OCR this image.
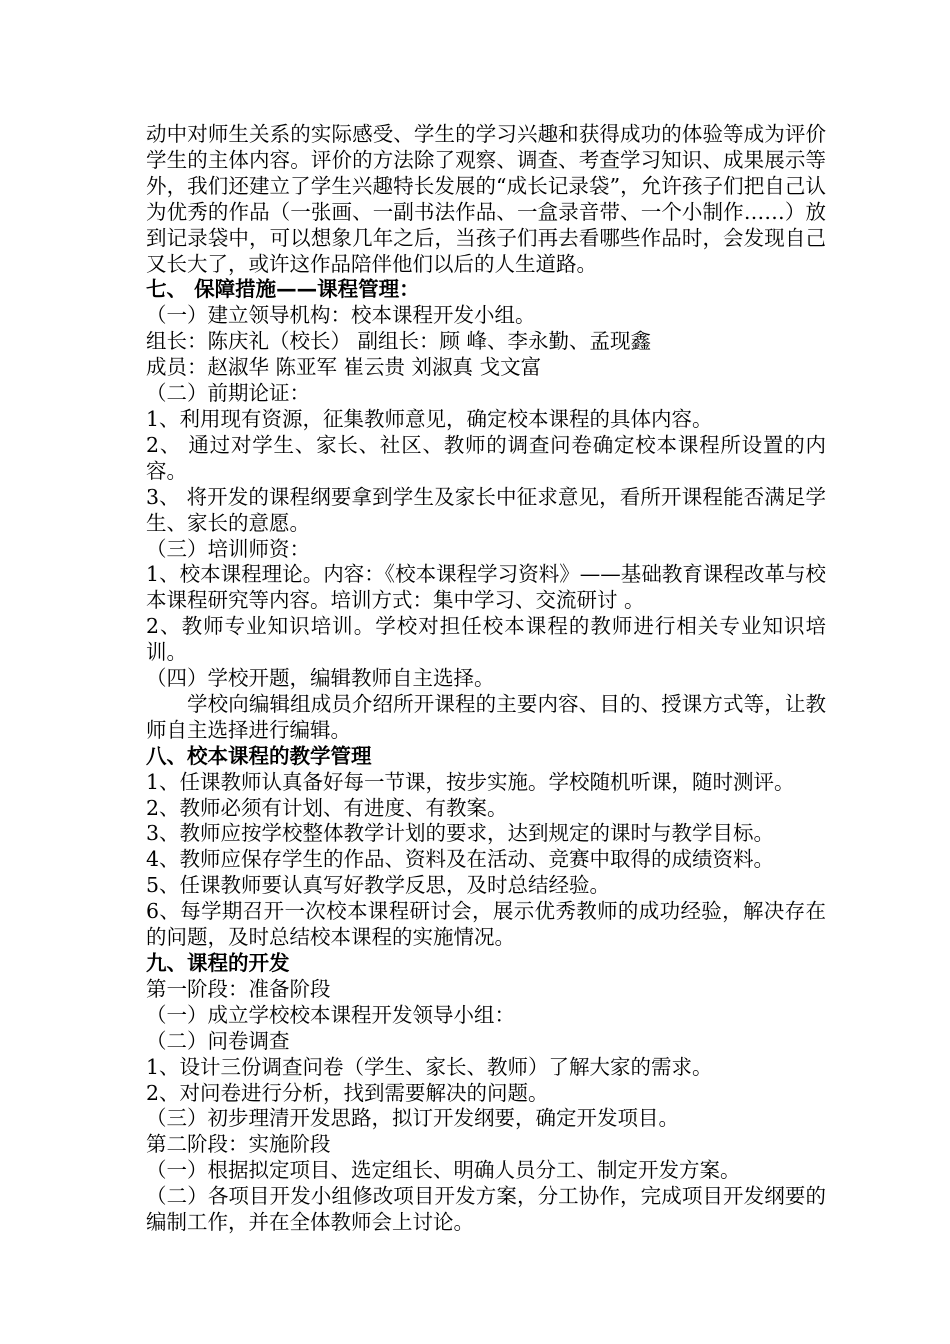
动中对师生关系的实际感受、学生的学习兴趣和获得成功的体验等成为评价学生的主体内容。评价的方法除了观察、调查、考查学习知识、成果展示等外，我们还建立了学生兴趣特长发展的“成长记录袋”，允许孩子们把自己认为优秀的作品（一张画、一副书法作品、一盒录音带、一个小制作……）放到记录袋中，可以想象几年之后，当孩子们再去看哪些作品时，会发现自己又长大了，或许这作品陪伴他们以后的人生道路。

七、 保障措施——课程管理：

（一）建立领导机构：校本课程开发小组。

组长：陈庆礼（校长） 副组长：顾 峰、李永勤、孟现鑫

成员：赵淑华 陈亚军 崔云贵 刘淑真 戈文富

（二）前期论证：

1、利用现有资源，征集教师意见，确定校本课程的具体内容。

2、 通过对学生、家长、社区、教师的调查问卷确定校本课程所设置的内容。

3、 将开发的课程纲要拿到学生及家长中征求意见，看所开课程能否满足学生、家长的意愿。

（三）培训师资：

1、校本课程理论。内容：《校本课程学习资料》——基础教育课程改革与校本课程研究等内容。培训方式：集中学习、交流研讨 。

2、教师专业知识培训。学校对担任校本课程的教师进行相关专业知识培训。

（四）学校开题，编辑教师自主选择。

学校向编辑组成员介绍所开课程的主要内容、目的、授课方式等，让教师自主选择进行编辑。

八、校本课程的教学管理

1、任课教师认真备好每一节课，按步实施。学校随机听课，随时测评。

2、教师必须有计划、有进度、有教案。

3、教师应按学校整体教学计划的要求，达到规定的课时与教学目标。

4、教师应保存学生的作品、资料及在活动、竞赛中取得的成绩资料。

5、任课教师要认真写好教学反思，及时总结经验。

6、每学期召开一次校本课程研讨会，展示优秀教师的成功经验，解决存在的问题，及时总结校本课程的实施情况。

九、课程的开发

第一阶段：准备阶段

（一）成立学校校本课程开发领导小组：

（二）问卷调查

1、设计三份调查问卷（学生、家长、教师）了解大家的需求。

2、对问卷进行分析，找到需要解决的问题。

（三）初步理清开发思路，拟订开发纲要，确定开发项目。

第二阶段：实施阶段

（一）根据拟定项目、选定组长、明确人员分工、制定开发方案。

（二）各项目开发小组修改项目开发方案，分工协作，完成项目开发纲要的编制工作，并在全体教师会上讨论。
